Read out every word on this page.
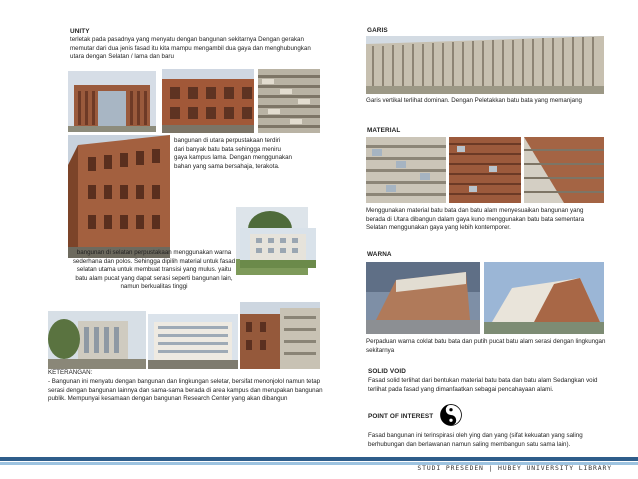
UNITY
terletak pada pasadnya yang menyatu dengan bangunan sekitarnya Dengan gerakan memutar dari dua jenis fasad itu kita mampu mengambil dua gaya dan menghubungkan utara dengan Selatan / lama dan baru
bangunan di utara perpustakaan terdiri dari banyak batu bata sehingga meniru gaya kampus lama. Dengan menggunakan bahan yang sama bersahaja, terakota.
bangunan di selatan perpustakaan menggunakan warna sederhana dan polos. Sehingga dipilih material untuk fasad selatan utama untuk membuat transisi yang mulus. yaitu batu alam pucat yang dapat serasi seperti bangunan lain, namun berkualitas tinggi
KETERANGAN:
- Bangunan ini menyatu dengan bangunan dan lingkungan seletar, bersifat menonjolol namun tetap serasi dengan bangunan lainnya dan sama-sama berada di area kampus dan merupakan bangunan publik. Mempunyai kesamaan dengan bangunan Research Center yang akan dibangun
GARIS
Garis vertikal terlihat dominan. Dengan Peletakkan batu bata yang memanjang
MATERIAL
Menggunakan material batu bata dan batu alam menyesuaikan bangunan yang berada di Utara dibangun dalam gaya kuno menggunakan batu bata sementara Selatan menggunakan gaya yang lebih kontemporer.
WARNA
Perpaduan warna coklat batu bata dan putih pucat batu alam serasi dengan lingkungan sekitarnya
SOLID VOID
Fasad solid terlihat dari bentukan material batu bata dan batu alam Sedangkan void terlihat pada fasad yang dimanfaatkan sebagai pencahayaan alami.
POINT OF INTEREST
Fasad bangunan ini terinspirasi oleh ying dan yang (sifat kekuatan yang saling berhubungan dan berlawanan namun saling membangun satu sama lain).
STUDI PRESEDEN | HUBEY UNIVERSITY LIBRARY
